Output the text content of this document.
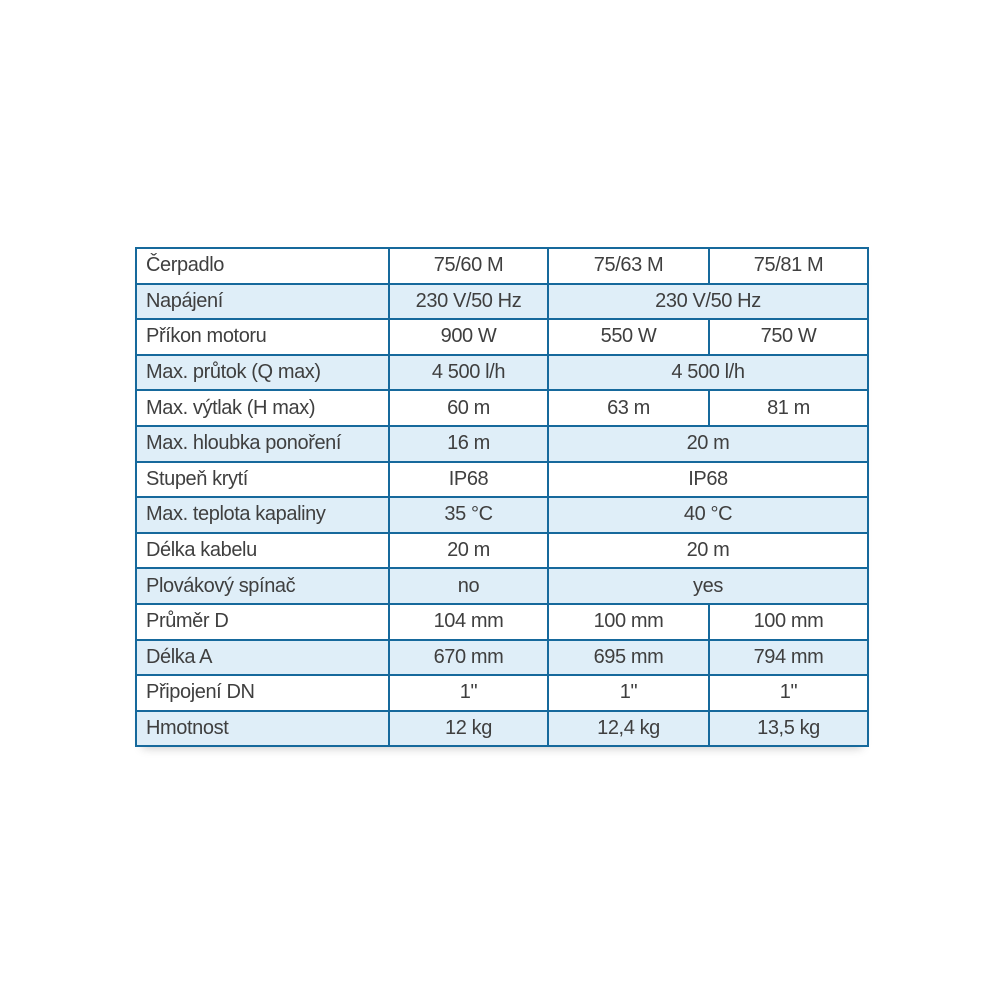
Čerpadlo	75/60 M	75/63 M	75/81 M
Napájení	230 V/50 Hz	230 V/50 Hz	
Příkon motoru	900 W	550 W	750 W
Max. průtok (Q max)	4 500 l/h	4 500 l/h	
Max. výtlak (H max)	60 m	63 m	81 m
Max. hloubka ponoření	16 m	20 m	
Stupeň krytí	IP68	IP68	
Max. teplota kapaliny	35 °C	40 °C	
Délka kabelu	20 m	20 m	
Plovákový spínač	no	yes	
Průměr D	104 mm	100 mm	100 mm
Délka A	670 mm	695 mm	794 mm
Připojení DN	1"	1"	1"
Hmotnost	12 kg	12,4 kg	13,5 kg
